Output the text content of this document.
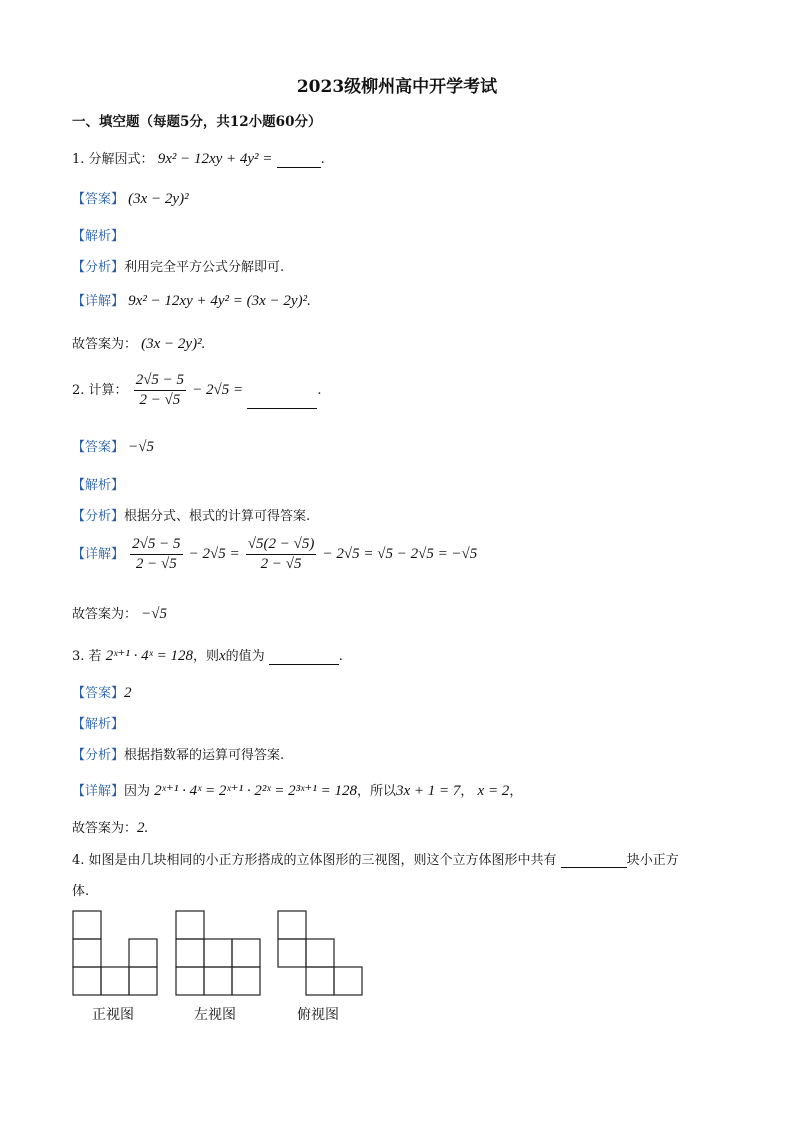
2023级柳州高中开学考试
一、填空题（每题5分，共12小题60分）
1. 分解因式： 9x² − 12xy + 4y² =	.
【答案】 (3x − 2y)²
【解析】
【分析】利用完全平方公式分解即可.
【详解】 9x² − 12xy + 4y² = (3x − 2y)².
故答案为： (3x − 2y)².
2. 计算： $\frac{2√5 - 5}{2 - √5} - 2√5$ =	.
【答案】 −√5
【解析】
【分析】根据分式、根式的计算可得答案.
【详解】 $\frac{2√5 - 5}{2 - √5} - 2√5 = \frac{√5(2 - √5)}{2 - √5} - 2√5 = √5 - 2√5 = -√5$
故答案为： −√5
3. 若 2ˣ⁺¹ · 4ˣ = 128，则x的值为	.
【答案】2
【解析】
【分析】根据指数幂的运算可得答案.
【详解】因为 2ˣ⁺¹ · 4ˣ = 2ˣ⁺¹ · 2²ˣ = 2³ˣ⁺¹ = 128，所以3x + 1 = 7， x = 2，
故答案为：2.
4. 如图是由几块相同的小正方形搭成的立体图形的三视图，则这个立方体图形中共有	块小正方
体.
正视图	左视图	俯视图
